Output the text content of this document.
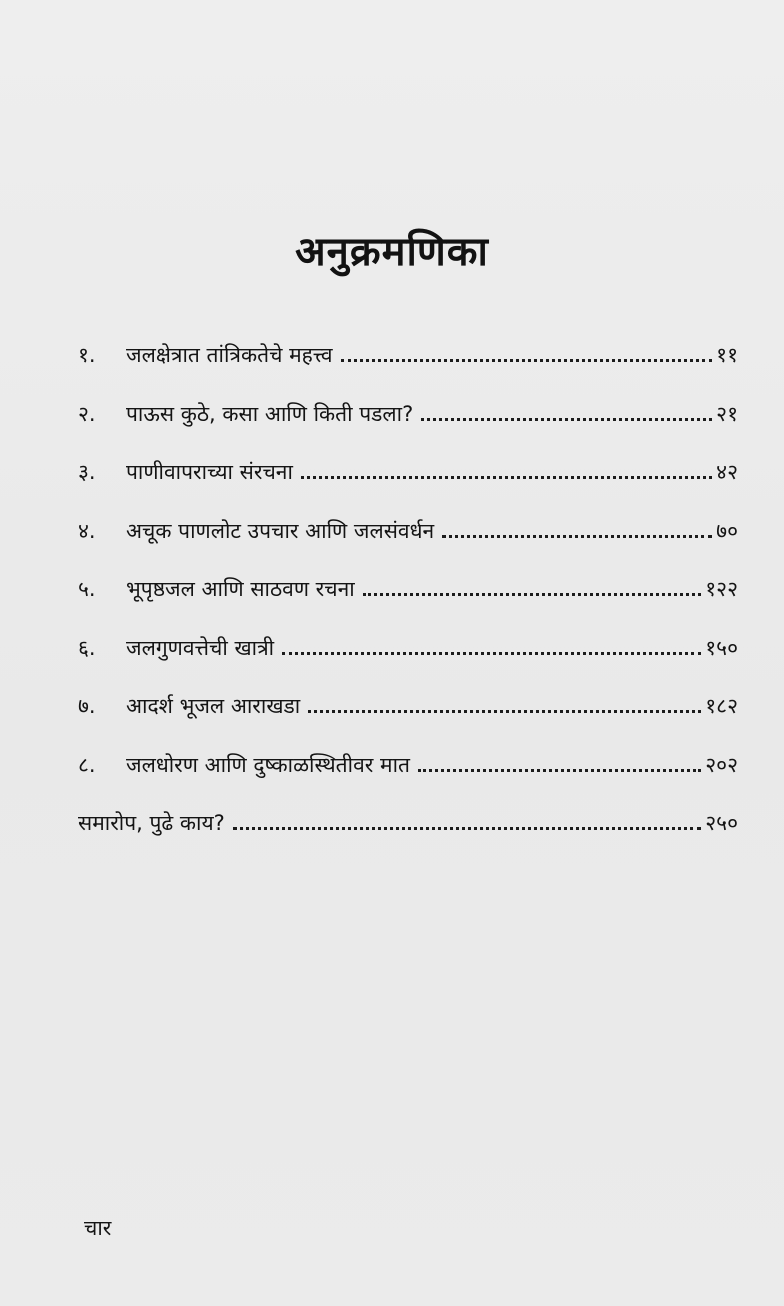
अनुक्रमणिका
१.	जलक्षेत्रात तांत्रिकतेचे महत्त्व	११
२.	पाऊस कुठे, कसा आणि किती पडला?	२१
३.	पाणीवापराच्या संरचना	४२
४.	अचूक पाणलोट उपचार आणि जलसंवर्धन	७०
५.	भूपृष्ठजल आणि साठवण रचना	१२२
६.	जलगुणवत्तेची खात्री	१५०
७.	आदर्श भूजल आराखडा	१८२
८.	जलधोरण आणि दुष्काळस्थितीवर मात	२०२
समारोप, पुढे काय?	२५०
चार
